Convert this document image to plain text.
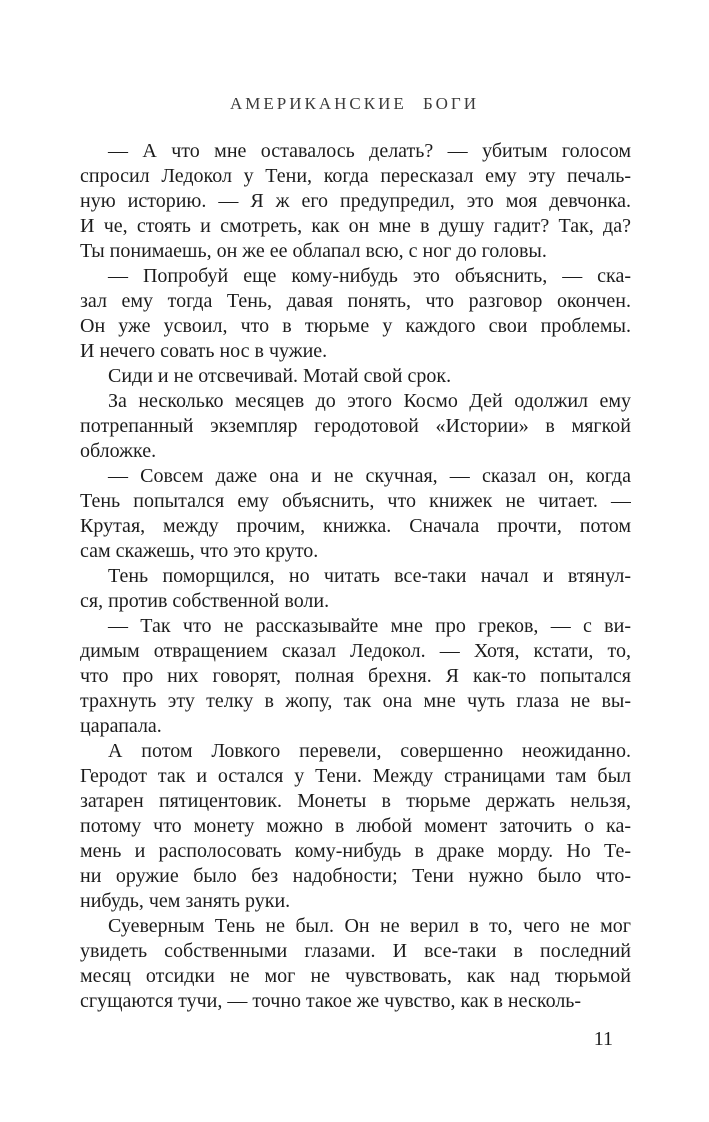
АМЕРИКАНСКИЕ БОГИ

— А что мне оставалось делать? — убитым голосом
спросил Ледокол у Тени, когда пересказал ему эту печаль-
ную историю. — Я ж его предупредил, это моя девчонка.
И че, стоять и смотреть, как он мне в душу гадит? Так, да?
Ты понимаешь, он же ее облапал всю, с ног до головы.

— Попробуй еще кому-нибудь это объяснить, — ска-
зал ему тогда Тень, давая понять, что разговор окончен.
Он уже усвоил, что в тюрьме у каждого свои проблемы.
И нечего совать нос в чужие.

Сиди и не отсвечивай. Мотай свой срок.

За несколько месяцев до этого Космо Дей одолжил ему
потрепанный экземпляр геродотовой «Истории» в мягкой
обложке.

— Совсем даже она и не скучная, — сказал он, когда
Тень попытался ему объяснить, что книжек не читает. —
Крутая, между прочим, книжка. Сначала прочти, потом
сам скажешь, что это круто.

Тень поморщился, но читать все-таки начал и втянул-
ся, против собственной воли.

— Так что не рассказывайте мне про греков, — с ви-
димым отвращением сказал Ледокол. — Хотя, кстати, то,
что про них говорят, полная брехня. Я как-то попытался
трахнуть эту телку в жопу, так она мне чуть глаза не вы-
царапала.

А потом Ловкого перевели, совершенно неожиданно.
Геродот так и остался у Тени. Между страницами там был
затарен пятицентовик. Монеты в тюрьме держать нельзя,
потому что монету можно в любой момент заточить о ка-
мень и располосовать кому-нибудь в драке морду. Но Те-
ни оружие было без надобности; Тени нужно было что-
нибудь, чем занять руки.

Суеверным Тень не был. Он не верил в то, чего не мог
увидеть собственными глазами. И все-таки в последний
месяц отсидки не мог не чувствовать, как над тюрьмой
сгущаются тучи, — точно такое же чувство, как в несколь-

11
